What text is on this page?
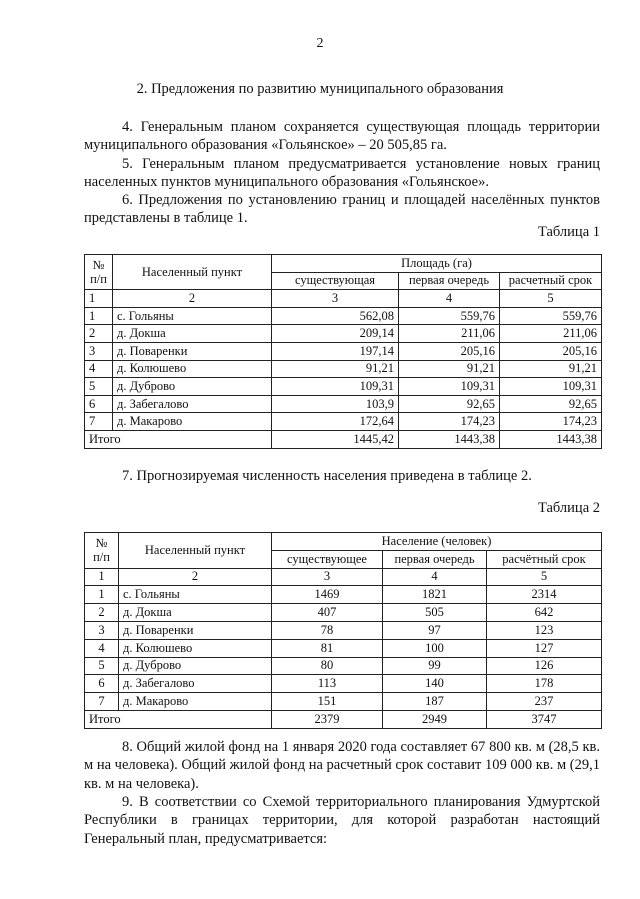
2
2. Предложения по развитию муниципального образования

4. Генеральным планом сохраняется существующая площадь территории муниципального образования «Гольянское» – 20 505,85 га.

5. Генеральным планом предусматривается установление новых границ населенных пунктов муниципального образования «Гольянское».

6. Предложения по установлению границ и площадей населённых пунктов представлены в таблице 1.

Таблица 1
№ п/п	Населенный пункт	Площадь (га)		
		существующая	первая очередь	расчетный срок
1	2	3	4	5
1	с. Гольяны	562,08	559,76	559,76
2	д. Докша	209,14	211,06	211,06
3	д. Поваренки	197,14	205,16	205,16
4	д. Колюшево	91,21	91,21	91,21
5	д. Дуброво	109,31	109,31	109,31
6	д. Забегалово	103,9	92,65	92,65
7	д. Макарово	172,64	174,23	174,23
Итого		1445,42	1443,38	1443,38

7. Прогнозируемая численность населения приведена в таблице 2.

Таблица 2
№ п/п	Населенный пункт	Население (человек)		
		существующее	первая очередь	расчётный срок
1	2	3	4	5
1	с. Гольяны	1469	1821	2314
2	д. Докша	407	505	642
3	д. Поваренки	78	97	123
4	д. Колюшево	81	100	127
5	д. Дуброво	80	99	126
6	д. Забегалово	113	140	178
7	д. Макарово	151	187	237
Итого		2379	2949	3747

8. Общий жилой фонд на 1 января 2020 года составляет 67 800 кв. м (28,5 кв. м на человека). Общий жилой фонд на расчетный срок составит 109 000 кв. м (29,1 кв. м на человека).

9. В соответствии со Схемой территориального планирования Удмуртской Республики в границах территории, для которой разработан настоящий Генеральный план, предусматривается:
